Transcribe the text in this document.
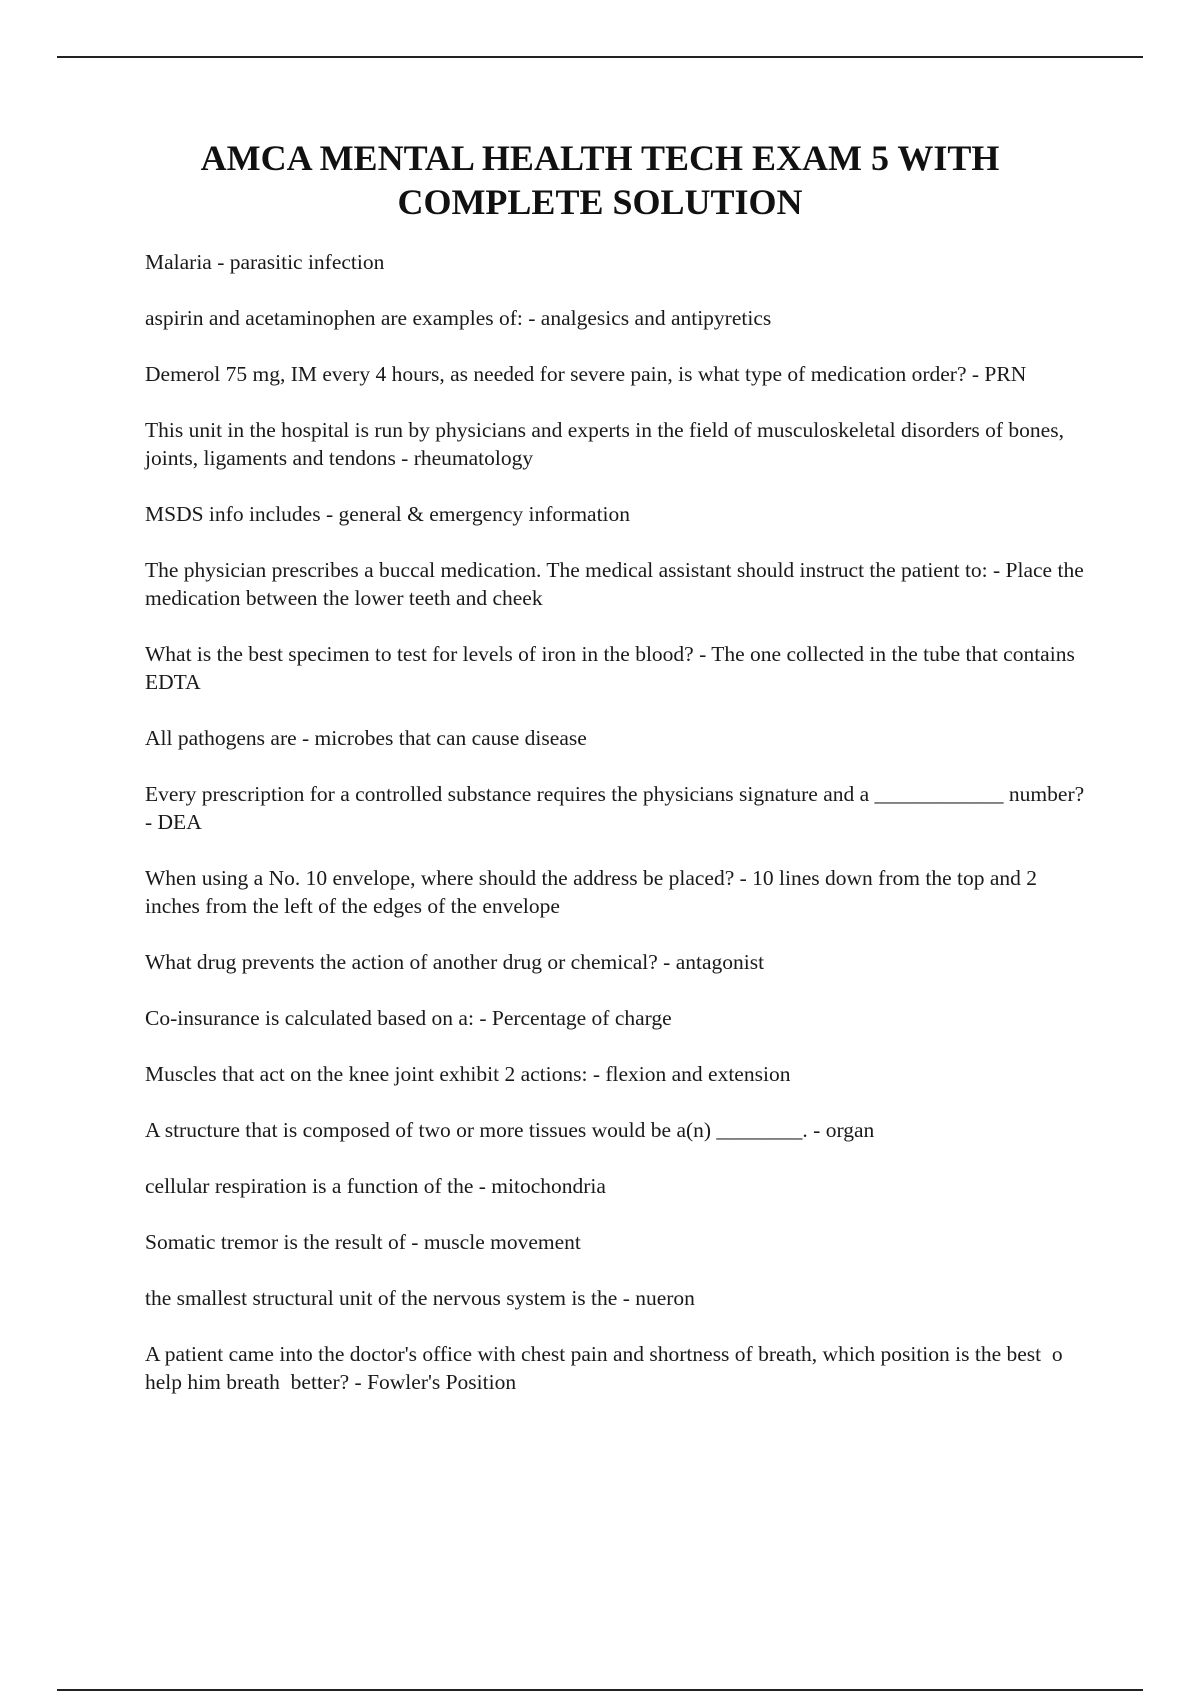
AMCA MENTAL HEALTH TECH EXAM 5 WITH
COMPLETE SOLUTION
Malaria - parasitic infection
aspirin and acetaminophen are examples of: - analgesics and antipyretics
Demerol 75 mg, IM every 4 hours, as needed for severe pain, is what type of medication order? - PRN
This unit in the hospital is run by physicians and experts in the field of musculoskeletal disorders of bones, joints, ligaments and tendons - rheumatology
MSDS info includes - general & emergency information
The physician prescribes a buccal medication. The medical assistant should instruct the patient to: - Place the medication between the lower teeth and cheek
What is the best specimen to test for levels of iron in the blood? - The one collected in the tube that contains EDTA
All pathogens are - microbes that can cause disease
Every prescription for a controlled substance requires the physicians signature and a ____________ number? - DEA
When using a No. 10 envelope, where should the address be placed? - 10 lines down from the top and 2 inches from the left of the edges of the envelope
What drug prevents the action of another drug or chemical? - antagonist
Co-insurance is calculated based on a: - Percentage of charge
Muscles that act on the knee joint exhibit 2 actions: - flexion and extension
A structure that is composed of two or more tissues would be a(n) ________. - organ
cellular respiration is a function of the - mitochondria
Somatic tremor is the result of - muscle movement
the smallest structural unit of the nervous system is the - nueron
A patient came into the doctor's office with chest pain and shortness of breath, which position is the best  o help him breath  better? - Fowler's Position
